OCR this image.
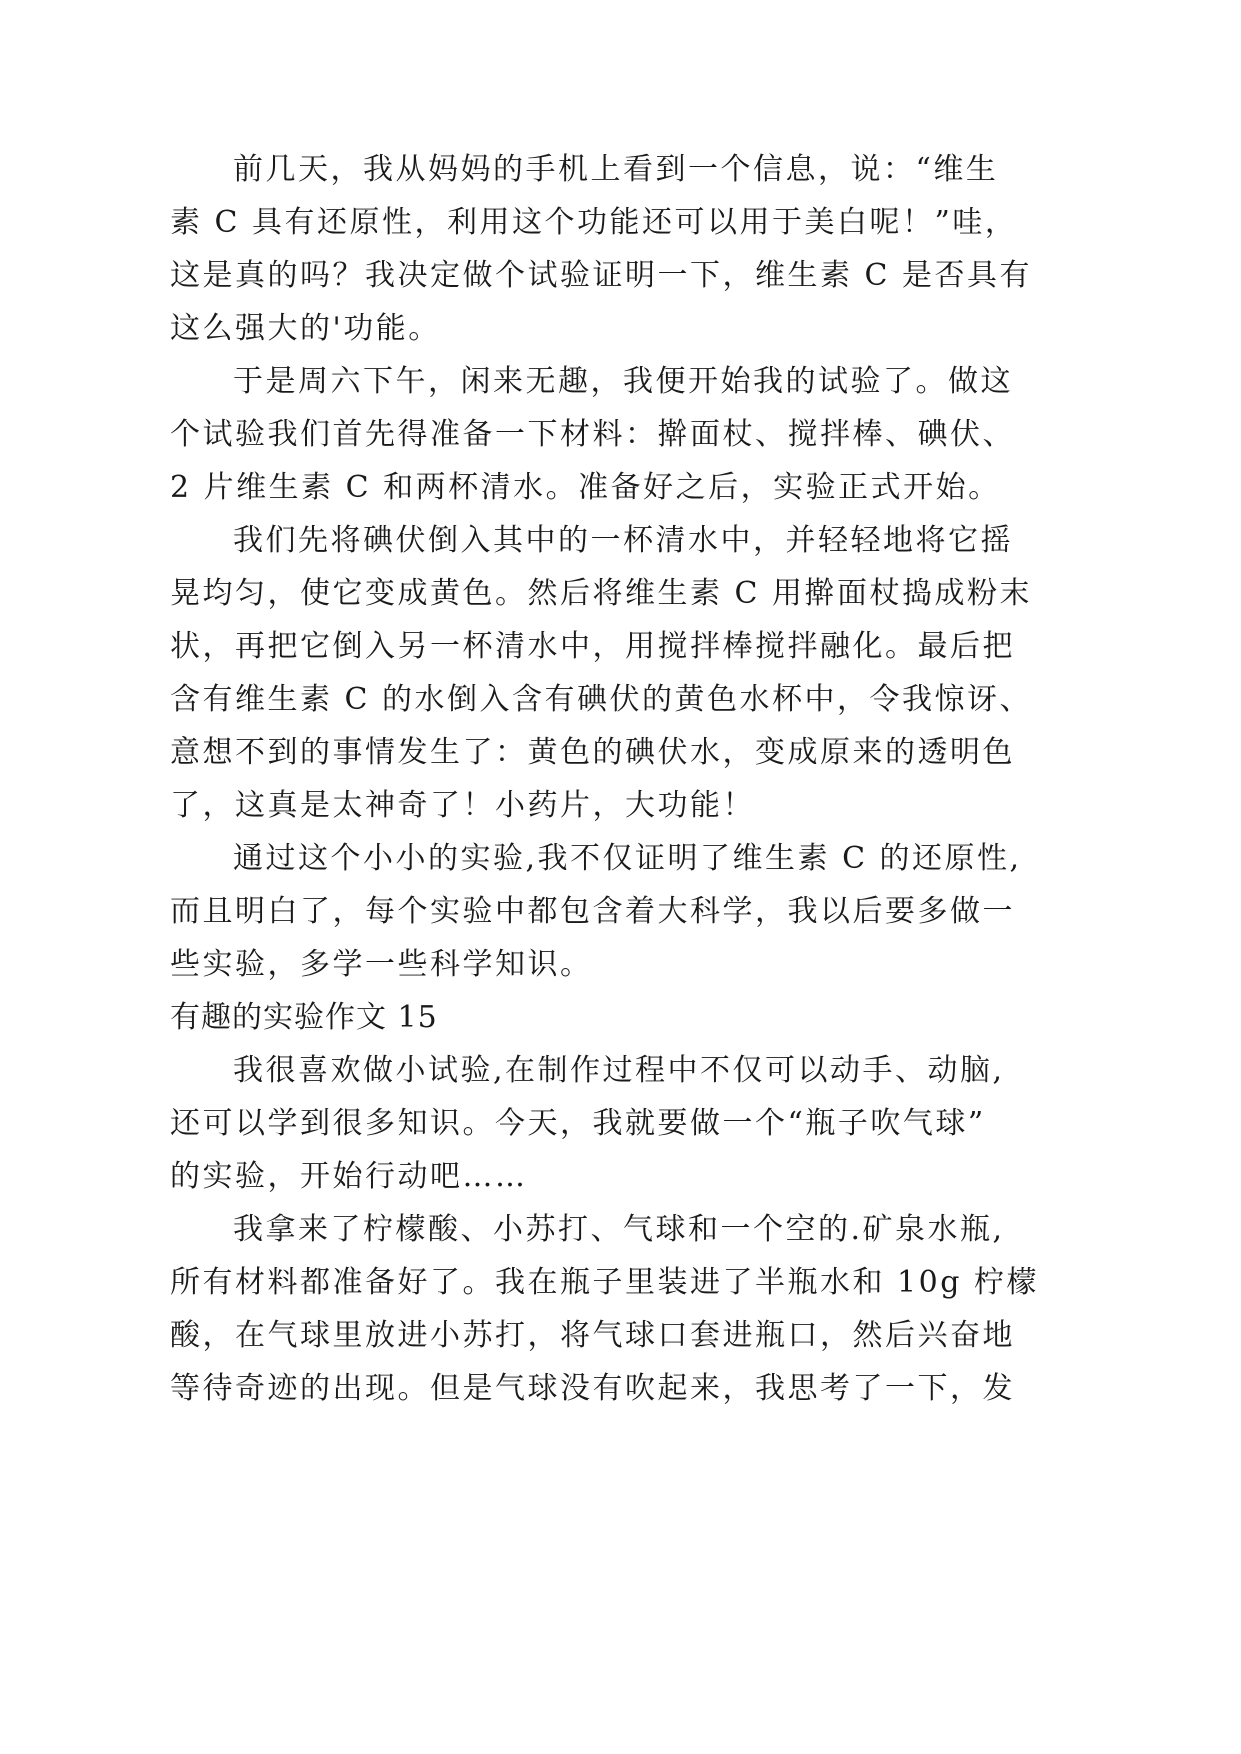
前几天，我从妈妈的手机上看到一个信息，说：“维生
素 C 具有还原性，利用这个功能还可以用于美白呢！”哇，
这是真的吗？我决定做个试验证明一下，维生素 C 是否具有
这么强大的'功能。
于是周六下午，闲来无趣，我便开始我的试验了。做这
个试验我们首先得准备一下材料：擀面杖、搅拌棒、碘伏、
2 片维生素 C 和两杯清水。准备好之后，实验正式开始。
我们先将碘伏倒入其中的一杯清水中，并轻轻地将它摇
晃均匀，使它变成黄色。然后将维生素 C 用擀面杖捣成粉末
状，再把它倒入另一杯清水中，用搅拌棒搅拌融化。最后把
含有维生素 C 的水倒入含有碘伏的黄色水杯中，令我惊讶、
意想不到的事情发生了：黄色的碘伏水，变成原来的透明色
了，这真是太神奇了！小药片，大功能！
通过这个小小的实验,我不仅证明了维生素 C 的还原性,
而且明白了，每个实验中都包含着大科学，我以后要多做一
些实验，多学一些科学知识。
有趣的实验作文 15
我很喜欢做小试验,在制作过程中不仅可以动手、动脑,
还可以学到很多知识。今天，我就要做一个“瓶子吹气球”
的实验，开始行动吧……
我拿来了柠檬酸、小苏打、气球和一个空的.矿泉水瓶,
所有材料都准备好了。我在瓶子里装进了半瓶水和 10g 柠檬
酸，在气球里放进小苏打，将气球口套进瓶口，然后兴奋地
等待奇迹的出现。但是气球没有吹起来，我思考了一下，发
